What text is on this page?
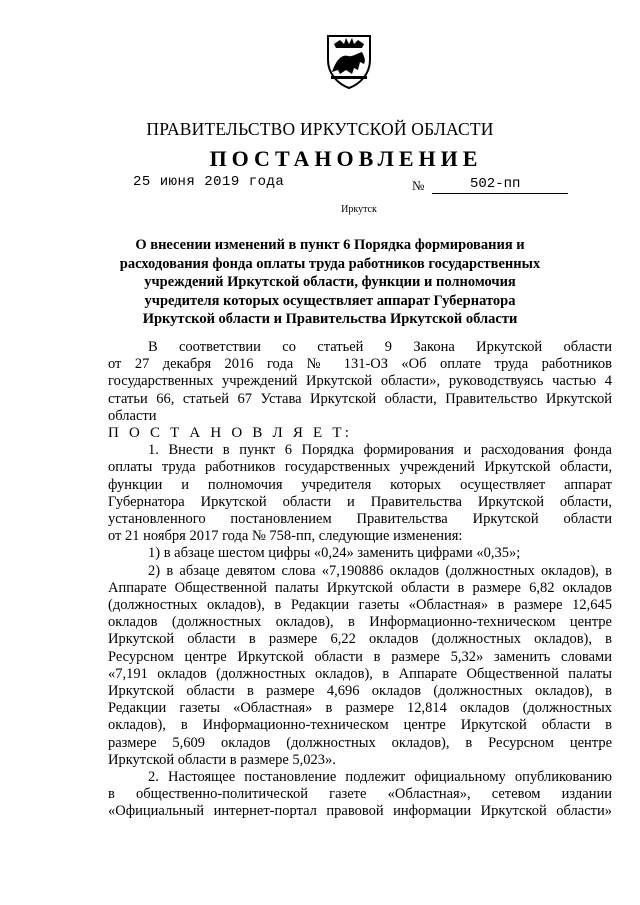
ПРАВИТЕЛЬСТВО ИРКУТСКОЙ ОБЛАСТИ
ПОСТАНОВЛЕНИЕ
25 июня 2019 года	№	502-пп
Иркутск
О внесении изменений в пункт 6 Порядка формирования и расходования фонда оплаты труда работников государственных учреждений Иркутской области, функции и полномочия учредителя которых осуществляет аппарат Губернатора Иркутской области и Правительства Иркутской области

В соответствии со статьей 9 Закона Иркутской области
от 27 декабря 2016 года № 131-ОЗ «Об оплате труда работников
государственных учреждений Иркутской области», руководствуясь частью 4
статьи 66, статьей 67 Устава Иркутской области, Правительство Иркутской
области

П О С Т А Н О В Л Я Е Т:

1. Внести в пункт 6 Порядка формирования и расходования фонда
оплаты труда работников государственных учреждений Иркутской области,
функции и полномочия учредителя которых осуществляет аппарат
Губернатора Иркутской области и Правительства Иркутской области,
установленного постановлением Правительства Иркутской области
от 21 ноября 2017 года № 758-пп, следующие изменения:

1) в абзаце шестом цифры «0,24» заменить цифрами «0,35»;

2) в абзаце девятом слова «7,190886 окладов (должностных окладов), в
Аппарате Общественной палаты Иркутской области в размере 6,82 окладов
(должностных окладов), в Редакции газеты «Областная» в размере 12,645
окладов (должностных окладов), в Информационно-техническом центре
Иркутской области в размере 6,22 окладов (должностных окладов), в
Ресурсном центре Иркутской области в размере 5,32» заменить словами
«7,191 окладов (должностных окладов), в Аппарате Общественной палаты
Иркутской области в размере 4,696 окладов (должностных окладов), в
Редакции газеты «Областная» в размере 12,814 окладов (должностных
окладов), в Информационно-техническом центре Иркутской области в
размере 5,609 окладов (должностных окладов), в Ресурсном центре
Иркутской области в размере 5,023».

2. Настоящее постановление подлежит официальному опубликованию
в общественно-политической газете «Областная», сетевом издании
«Официальный интернет-портал правовой информации Иркутской области»
